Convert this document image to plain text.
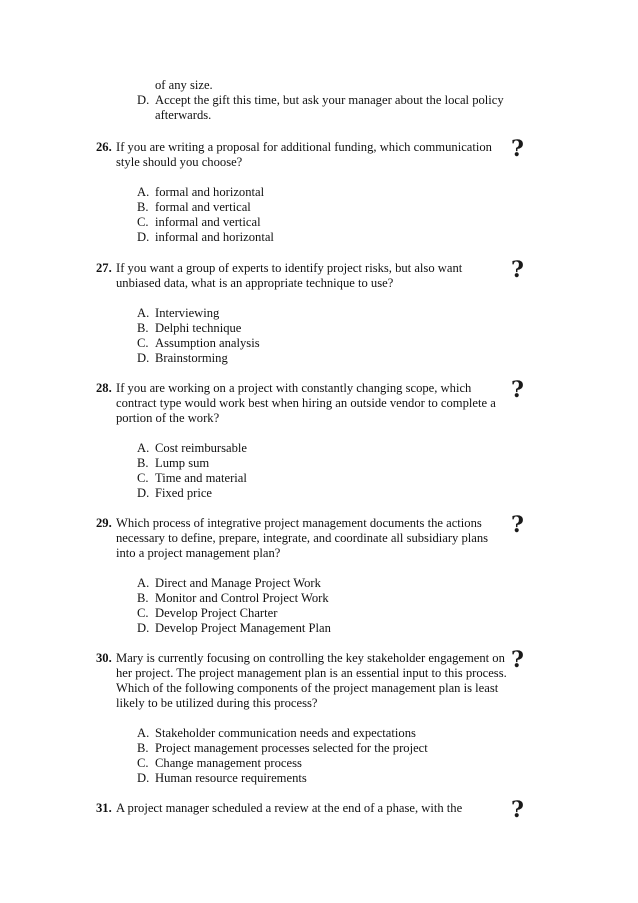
of any size.
D. Accept the gift this time, but ask your manager about the local policy afterwards.
26. If you are writing a proposal for additional funding, which communication style should you choose?
A. formal and horizontal
B. formal and vertical
C. informal and vertical
D. informal and horizontal
?
27. If you want a group of experts to identify project risks, but also want unbiased data, what is an appropriate technique to use?
A. Interviewing
B. Delphi technique
C. Assumption analysis
D. Brainstorming
?
28. If you are working on a project with constantly changing scope, which contract type would work best when hiring an outside vendor to complete a portion of the work?
A. Cost reimbursable
B. Lump sum
C. Time and material
D. Fixed price
?
29. Which process of integrative project management documents the actions necessary to define, prepare, integrate, and coordinate all subsidiary plans into a project management plan?
A. Direct and Manage Project Work
B. Monitor and Control Project Work
C. Develop Project Charter
D. Develop Project Management Plan
?
30. Mary is currently focusing on controlling the key stakeholder engagement on her project. The project management plan is an essential input to this process. Which of the following components of the project management plan is least likely to be utilized during this process?
A. Stakeholder communication needs and expectations
B. Project management processes selected for the project
C. Change management process
D. Human resource requirements
?
31. A project manager scheduled a review at the end of a phase, with the	?
